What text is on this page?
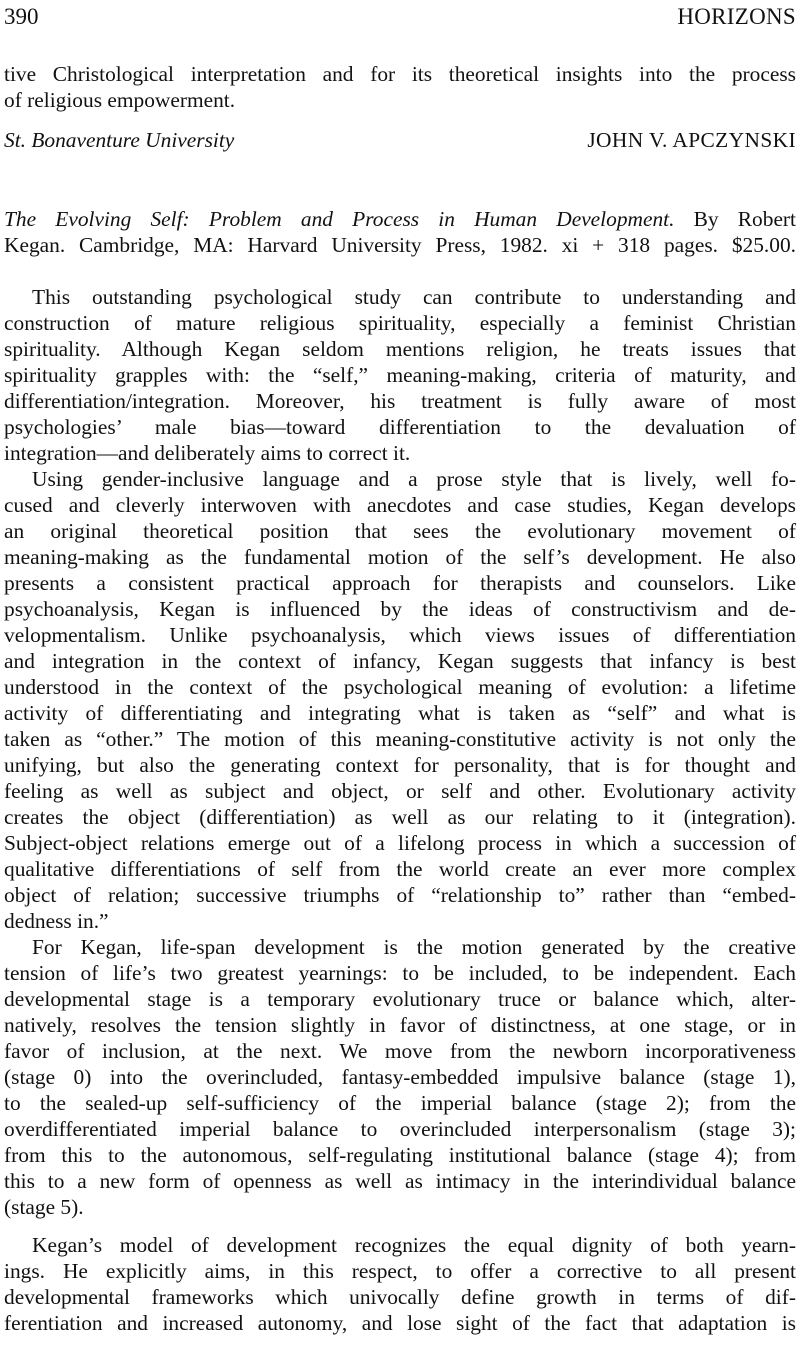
390	HORIZONS
tive Christological interpretation and for its theoretical insights into the process
of religious empowerment.
St. Bonaventure University	JOHN V. APCZYNSKI
The Evolving Self: Problem and Process in Human Development. By Robert
Kegan. Cambridge, MA: Harvard University Press, 1982. xi + 318 pages. $25.00.
This outstanding psychological study can contribute to understanding and
construction of mature religious spirituality, especially a feminist Christian
spirituality. Although Kegan seldom mentions religion, he treats issues that
spirituality grapples with: the “self,” meaning-making, criteria of maturity, and
differentiation/integration. Moreover, his treatment is fully aware of most
psychologies’ male bias—toward differentiation to the devaluation of
integration—and deliberately aims to correct it.
Using gender-inclusive language and a prose style that is lively, well fo-
cused and cleverly interwoven with anecdotes and case studies, Kegan develops
an original theoretical position that sees the evolutionary movement of
meaning-making as the fundamental motion of the self’s development. He also
presents a consistent practical approach for therapists and counselors. Like
psychoanalysis, Kegan is influenced by the ideas of constructivism and de-
velopmentalism. Unlike psychoanalysis, which views issues of differentiation
and integration in the context of infancy, Kegan suggests that infancy is best
understood in the context of the psychological meaning of evolution: a lifetime
activity of differentiating and integrating what is taken as “self” and what is
taken as “other.” The motion of this meaning-constitutive activity is not only the
unifying, but also the generating context for personality, that is for thought and
feeling as well as subject and object, or self and other. Evolutionary activity
creates the object (differentiation) as well as our relating to it (integration).
Subject-object relations emerge out of a lifelong process in which a succession of
qualitative differentiations of self from the world create an ever more complex
object of relation; successive triumphs of “relationship to” rather than “embed-
dedness in.”
For Kegan, life-span development is the motion generated by the creative
tension of life’s two greatest yearnings: to be included, to be independent. Each
developmental stage is a temporary evolutionary truce or balance which, alter-
natively, resolves the tension slightly in favor of distinctness, at one stage, or in
favor of inclusion, at the next. We move from the newborn incorporativeness
(stage 0) into the overincluded, fantasy-embedded impulsive balance (stage 1),
to the sealed-up self-sufficiency of the imperial balance (stage 2); from the
overdifferentiated imperial balance to overincluded interpersonalism (stage 3);
from this to the autonomous, self-regulating institutional balance (stage 4); from
this to a new form of openness as well as intimacy in the interindividual balance
(stage 5).
Kegan’s model of development recognizes the equal dignity of both yearn-
ings. He explicitly aims, in this respect, to offer a corrective to all present
developmental frameworks which univocally define growth in terms of dif-
ferentiation and increased autonomy, and lose sight of the fact that adaptation is
